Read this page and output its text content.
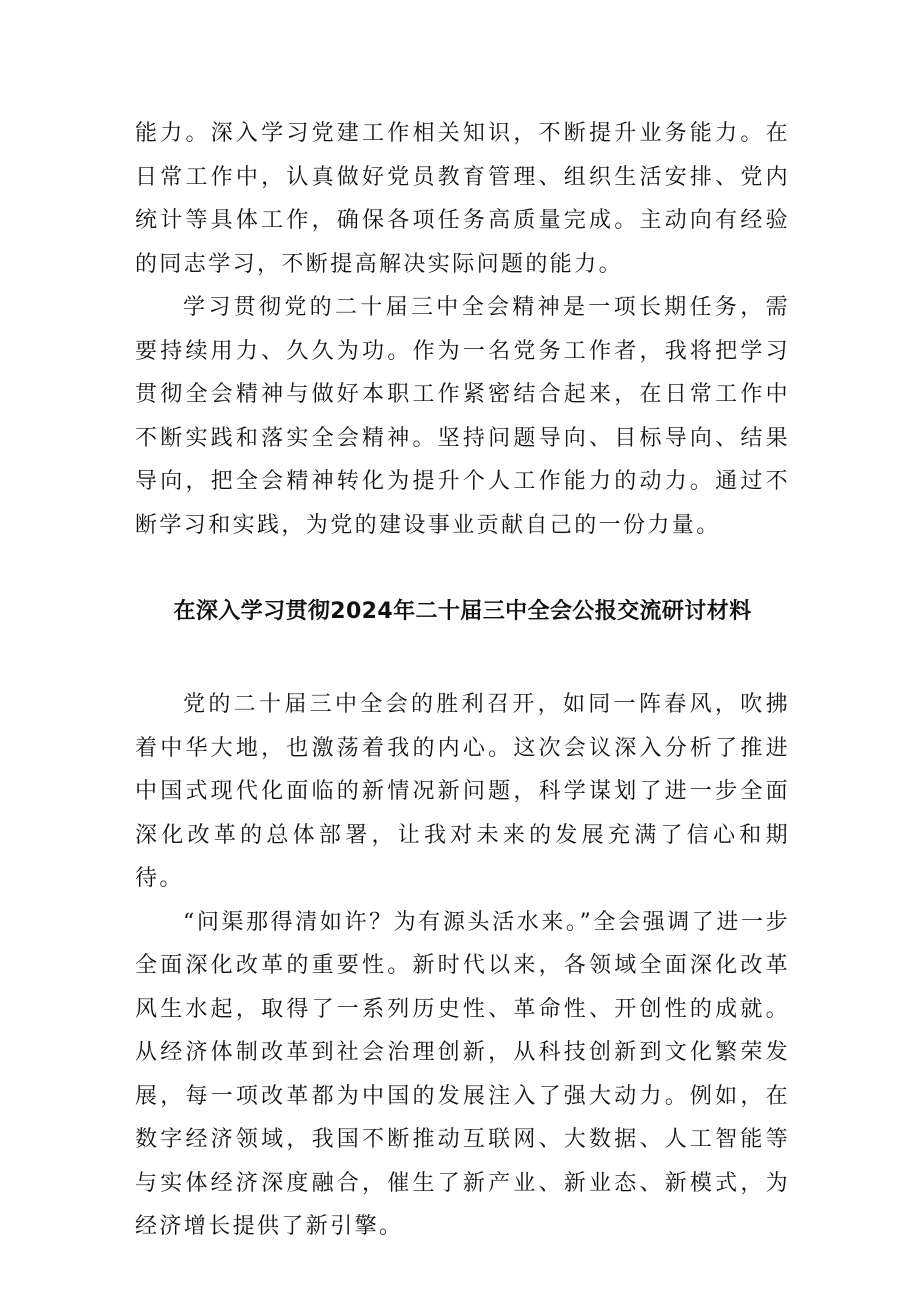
能力。深入学习党建工作相关知识，不断提升业务能力。在日常工作中，认真做好党员教育管理、组织生活安排、党内统计等具体工作，确保各项任务高质量完成。主动向有经验的同志学习，不断提高解决实际问题的能力。

学习贯彻党的二十届三中全会精神是一项长期任务，需要持续用力、久久为功。作为一名党务工作者，我将把学习贯彻全会精神与做好本职工作紧密结合起来，在日常工作中不断实践和落实全会精神。坚持问题导向、目标导向、结果导向，把全会精神转化为提升个人工作能力的动力。通过不断学习和实践，为党的建设事业贡献自己的一份力量。

在深入学习贯彻2024年二十届三中全会公报交流研讨材料

党的二十届三中全会的胜利召开，如同一阵春风，吹拂着中华大地，也激荡着我的内心。这次会议深入分析了推进中国式现代化面临的新情况新问题，科学谋划了进一步全面深化改革的总体部署，让我对未来的发展充满了信心和期待。

“问渠那得清如许？为有源头活水来。”全会强调了进一步全面深化改革的重要性。新时代以来，各领域全面深化改革风生水起，取得了一系列历史性、革命性、开创性的成就。从经济体制改革到社会治理创新，从科技创新到文化繁荣发展，每一项改革都为中国的发展注入了强大动力。例如，在数字经济领域，我国不断推动互联网、大数据、人工智能等与实体经济深度融合，催生了新产业、新业态、新模式，为经济增长提供了新引擎。
